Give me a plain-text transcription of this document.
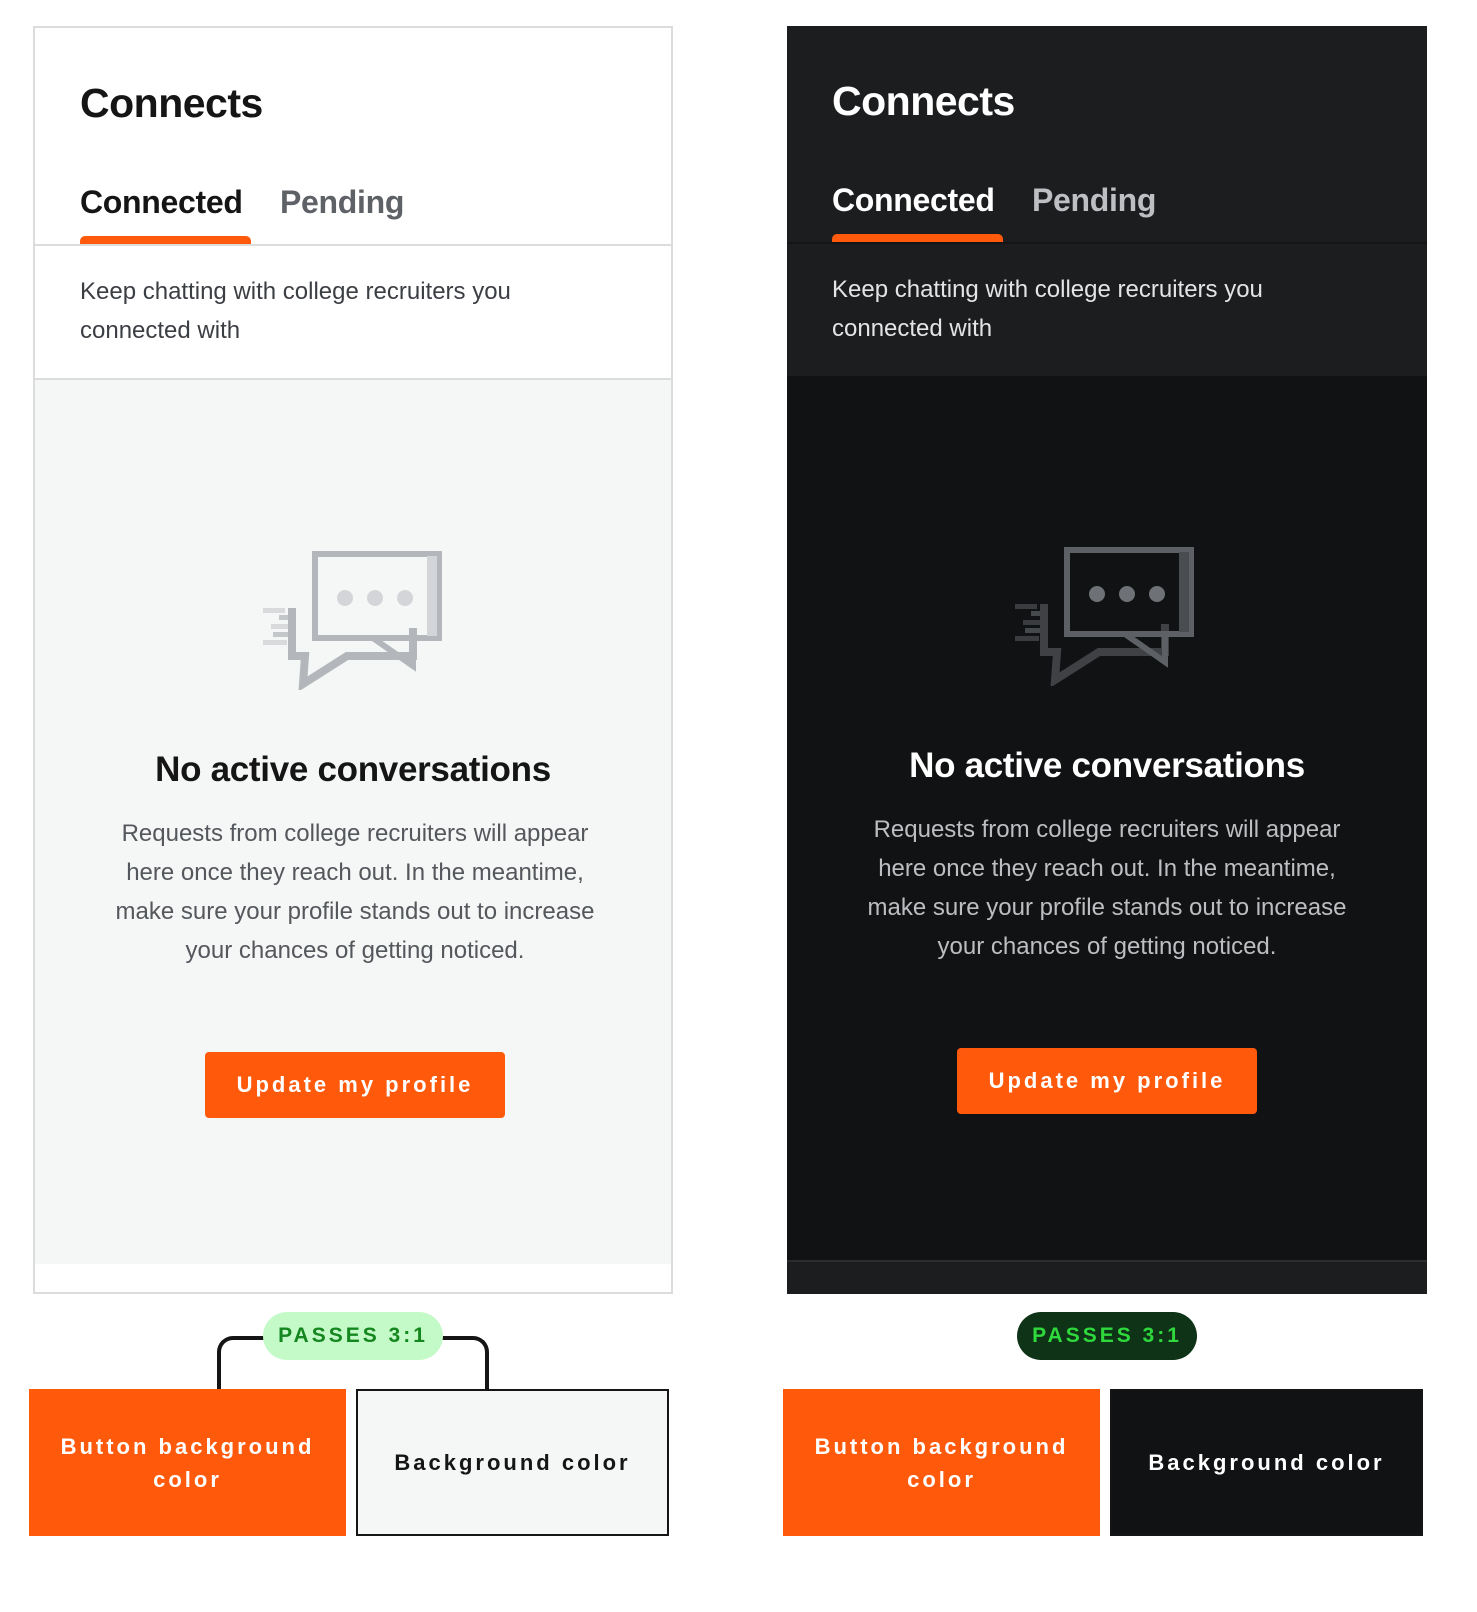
Connects
Connected Pending
Keep chatting with college recruiters you connected with
No active conversations
Requests from college recruiters will appear here once they reach out. In the meantime, make sure your profile stands out to increase your chances of getting noticed.
Update my profile
PASSES 3:1
Button background color
Background color
Connects
Connected Pending
Keep chatting with college recruiters you connected with
No active conversations
Requests from college recruiters will appear here once they reach out. In the meantime, make sure your profile stands out to increase your chances of getting noticed.
Update my profile
PASSES 3:1
Button background color
Background color
